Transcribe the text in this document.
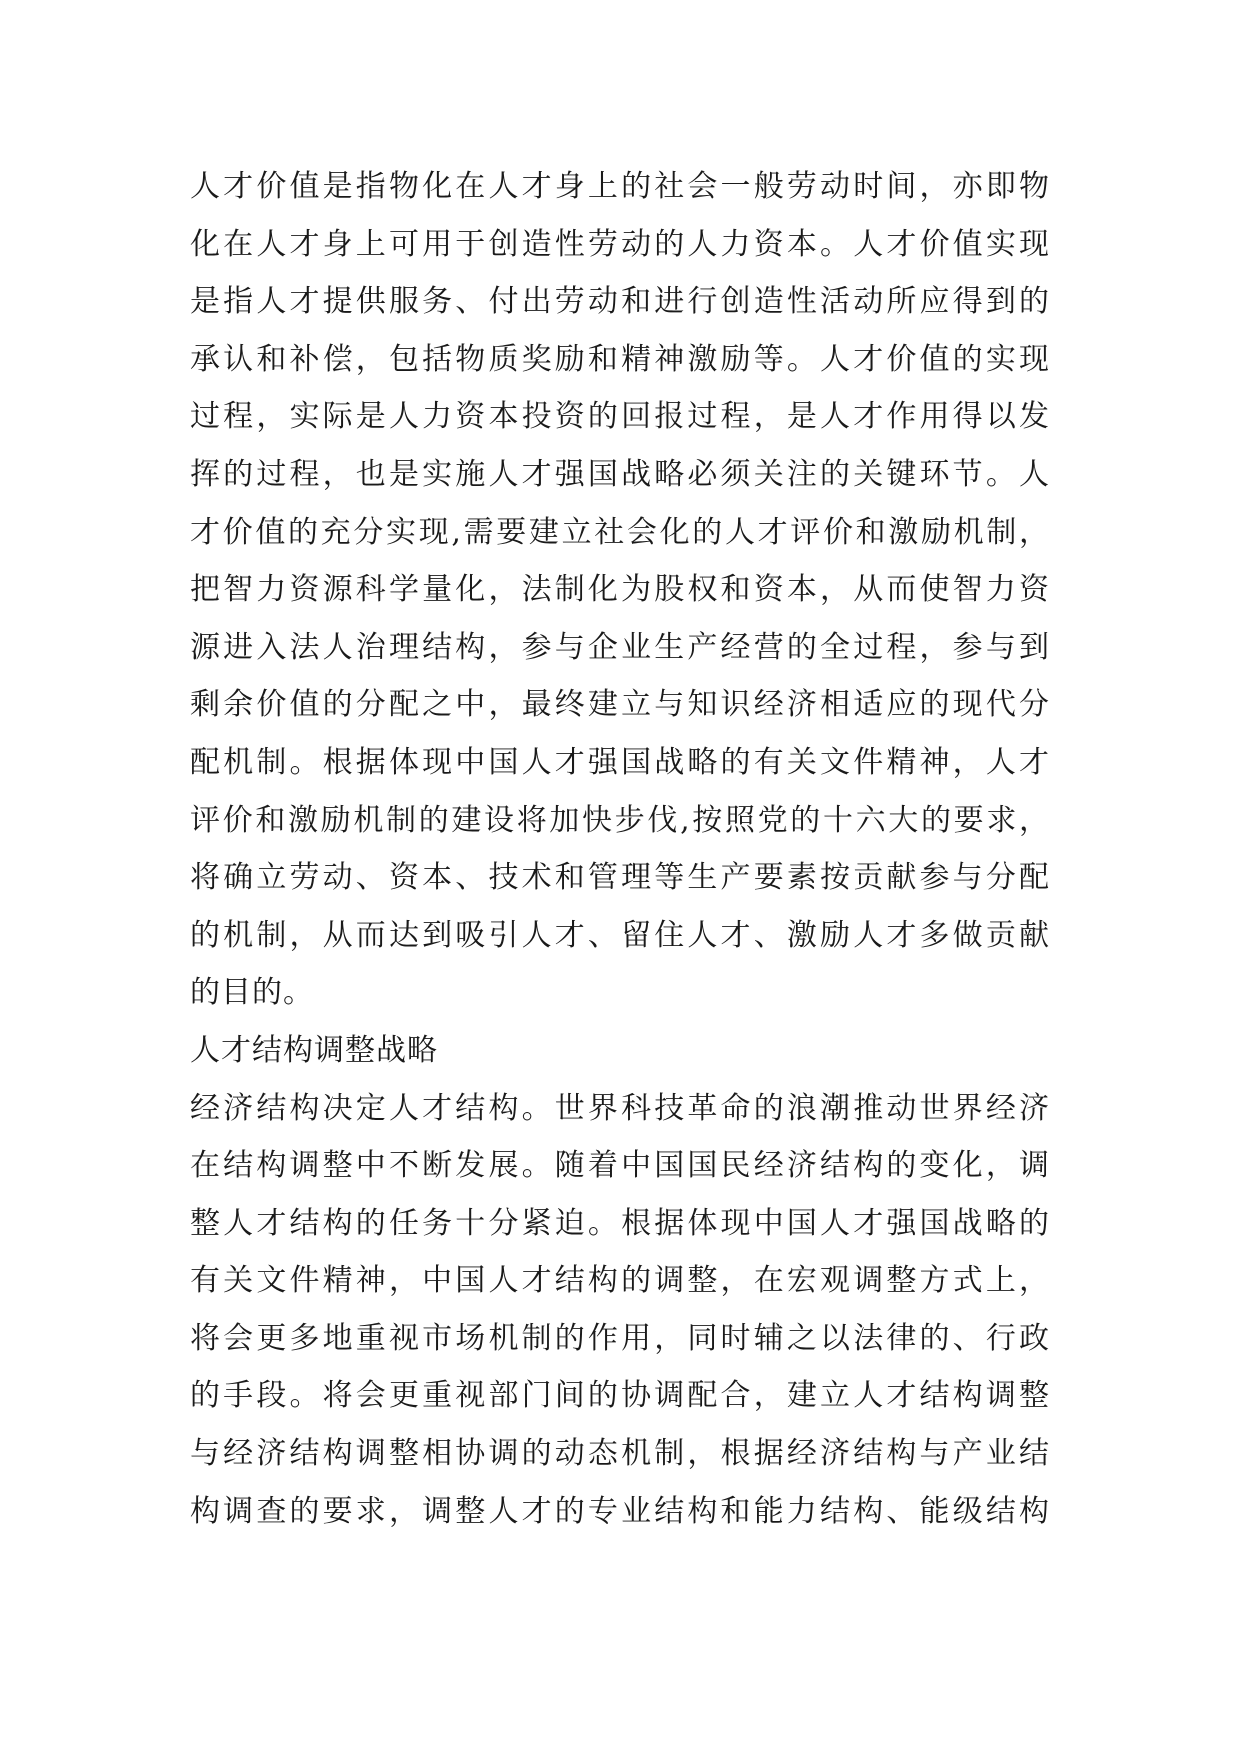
人才价值是指物化在人才身上的社会一般劳动时间，亦即物
化在人才身上可用于创造性劳动的人力资本。人才价值实现
是指人才提供服务、付出劳动和进行创造性活动所应得到的
承认和补偿，包括物质奖励和精神激励等。人才价值的实现
过程，实际是人力资本投资的回报过程，是人才作用得以发
挥的过程，也是实施人才强国战略必须关注的关键环节。人
才价值的充分实现,需要建立社会化的人才评价和激励机制，
把智力资源科学量化，法制化为股权和资本，从而使智力资
源进入法人治理结构，参与企业生产经营的全过程，参与到
剩余价值的分配之中，最终建立与知识经济相适应的现代分
配机制。根据体现中国人才强国战略的有关文件精神，人才
评价和激励机制的建设将加快步伐,按照党的十六大的要求，
将确立劳动、资本、技术和管理等生产要素按贡献参与分配
的机制，从而达到吸引人才、留住人才、激励人才多做贡献
的目的。
人才结构调整战略
经济结构决定人才结构。世界科技革命的浪潮推动世界经济
在结构调整中不断发展。随着中国国民经济结构的变化，调
整人才结构的任务十分紧迫。根据体现中国人才强国战略的
有关文件精神，中国人才结构的调整，在宏观调整方式上，
将会更多地重视市场机制的作用，同时辅之以法律的、行政
的手段。将会更重视部门间的协调配合，建立人才结构调整
与经济结构调整相协调的动态机制，根据经济结构与产业结
构调查的要求，调整人才的专业结构和能力结构、能级结构
